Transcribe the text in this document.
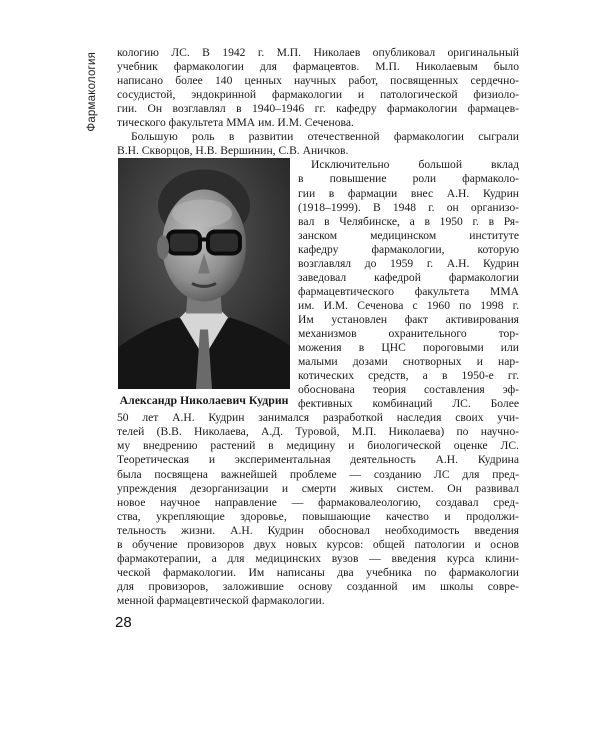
Фармакология кологию ЛС. В 1942 г. М.П. Николаев опубликовал оригинальный
учебник фармакологии для фармацевтов. М.П. Николаевым было
написано более 140 ценных научных работ, посвященных сердечно-
сосудистой, эндокринной фармакологии и патологической физиоло-
гии. Он возглавлял в 1940–1946 гг. кафедру фармакологии фармацев-
тического факультета ММА им. И.М. Сеченова.
Большую роль в развитии отечественной фармакологии сыграли
В.Н. Скворцов, Н.В. Вершинин, С.В. Аничков.
Александр Николаевич Кудрин
Исключительно большой вклад
в повышение роли фармаколо-
гии в фармации внес А.Н. Кудрин
(1918–1999). В 1948 г. он организо-
вал в Челябинске, а в 1950 г. в Ря-
занском медицинском институте
кафедру фармакологии, которую
возглавлял до 1959 г. А.Н. Кудрин
заведовал кафедрой фармакологии
фармацевтического факультета ММА
им. И.М. Сеченова с 1960 по 1998 г.
Им установлен факт активирования
механизмов охранительного тор-
можения в ЦНС пороговыми или
малыми дозами снотворных и нар-
котических средств, а в 1950-е гг.
обоснована теория составления эф-
фективных комбинаций ЛС. Более
50 лет А.Н. Кудрин занимался разработкой наследия своих учи-
телей (В.В. Николаева, А.Д. Туровой, М.П. Николаева) по научно-
му внедрению растений в медицину и биологической оценке ЛС.
Теоретическая и экспериментальная деятельность А.Н. Кудрина
была посвящена важнейшей проблеме — созданию ЛС для пред-
упреждения дезорганизации и смерти живых систем. Он развивал
новое научное направление — фармаковалеологию, создавал сред-
ства, укрепляющие здоровье, повышающие качество и продолжи-
тельность жизни. А.Н. Кудрин обосновал необходимость введения
в обучение провизоров двух новых курсов: общей патологии и основ
фармакотерапии, а для медицинских вузов — введения курса клини-
ческой фармакологии. Им написаны два учебника по фармакологии
для провизоров, заложившие основу созданной им школы совре-
менной фармацевтической фармакологии.
28
